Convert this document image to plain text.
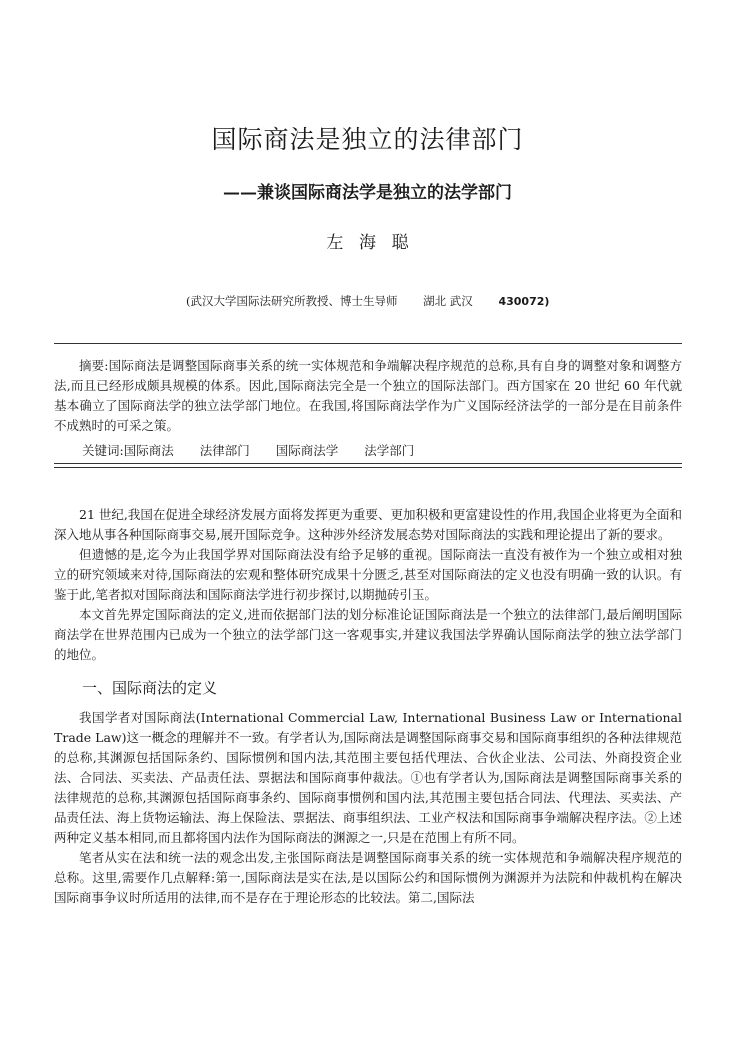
国际商法是独立的法律部门
——兼谈国际商法学是独立的法学部门
左 海 聪
(武汉大学国际法研究所教授、博士生导师 湖北 武汉 430072)

摘要:国际商法是调整国际商事关系的统一实体规范和争端解决程序规范的总称,具有自身的调整对象和调整方法,而且已经形成颇具规模的体系。因此,国际商法完全是一个独立的国际法部门。西方国家在 20 世纪 60 年代就基本确立了国际商法学的独立法学部门地位。在我国,将国际商法学作为广义国际经济法学的一部分是在目前条件不成熟时的可采之策。

关键词:国际商法 法律部门 国际商法学 法学部门

21 世纪,我国在促进全球经济发展方面将发挥更为重要、更加积极和更富建设性的作用,我国企业将更为全面和深入地从事各种国际商事交易,展开国际竞争。这种涉外经济发展态势对国际商法的实践和理论提出了新的要求。

但遗憾的是,迄今为止我国学界对国际商法没有给予足够的重视。国际商法一直没有被作为一个独立或相对独立的研究领域来对待,国际商法的宏观和整体研究成果十分匮乏,甚至对国际商法的定义也没有明确一致的认识。有鉴于此,笔者拟对国际商法和国际商法学进行初步探讨,以期抛砖引玉。

本文首先界定国际商法的定义,进而依据部门法的划分标准论证国际商法是一个独立的法律部门,最后阐明国际商法学在世界范围内已成为一个独立的法学部门这一客观事实,并建议我国法学界确认国际商法学的独立法学部门的地位。

一、国际商法的定义

我国学者对国际商法(International Commercial Law, International Business Law or International Trade Law)这一概念的理解并不一致。有学者认为,国际商法是调整国际商事交易和国际商事组织的各种法律规范的总称,其渊源包括国际条约、国际惯例和国内法,其范围主要包括代理法、合伙企业法、公司法、外商投资企业法、合同法、买卖法、产品责任法、票据法和国际商事仲裁法。①也有学者认为,国际商法是调整国际商事关系的法律规范的总称,其渊源包括国际商事条约、国际商事惯例和国内法,其范围主要包括合同法、代理法、买卖法、产品责任法、海上货物运输法、海上保险法、票据法、商事组织法、工业产权法和国际商事争端解决程序法。②上述两种定义基本相同,而且都将国内法作为国际商法的渊源之一,只是在范围上有所不同。

笔者从实在法和统一法的观念出发,主张国际商法是调整国际商事关系的统一实体规范和争端解决程序规范的总称。这里,需要作几点解释:第一,国际商法是实在法,是以国际公约和国际惯例为渊源并为法院和仲裁机构在解决国际商事争议时所适用的法律,而不是存在于理论形态的比较法。第二,国际法
